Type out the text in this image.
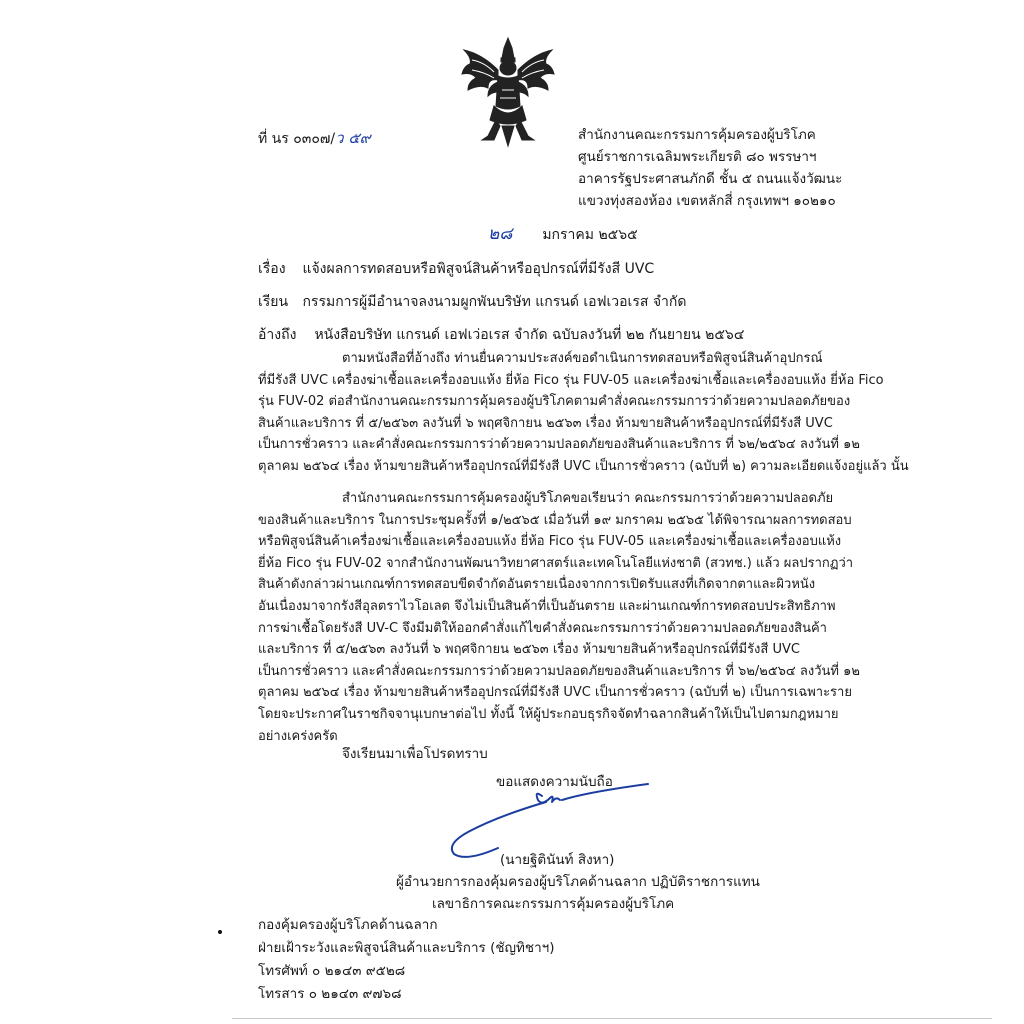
ที่ นร ๐๓๐๗/ว ๕๙	สำนักงานคณะกรรมการคุ้มครองผู้บริโภค
ศูนย์ราชการเฉลิมพระเกียรติ ๘๐ พรรษาฯ
อาคารรัฐประศาสนภักดี ชั้น ๕ ถนนแจ้งวัฒนะ
แขวงทุ่งสองห้อง เขตหลักสี่ กรุงเทพฯ ๑๐๒๑๐
๒๘ มกราคม ๒๕๖๕
เรื่อง แจ้งผลการทดสอบหรือพิสูจน์สินค้าหรืออุปกรณ์ที่มีรังสี UVC
เรียน กรรมการผู้มีอำนาจลงนามผูกพันบริษัท แกรนด์ เอฟเวอเรส จำกัด
อ้างถึง หนังสือบริษัท แกรนด์ เอฟเว่อเรส จำกัด ฉบับลงวันที่ ๒๒ กันยายน ๒๕๖๔
ตามหนังสือที่อ้างถึง ท่านยื่นความประสงค์ขอดำเนินการทดสอบหรือพิสูจน์สินค้าอุปกรณ์
ที่มีรังสี UVC เครื่องฆ่าเชื้อและเครื่องอบแห้ง ยี่ห้อ Fico รุ่น FUV-05 และเครื่องฆ่าเชื้อและเครื่องอบแห้ง ยี่ห้อ Fico
รุ่น FUV-02 ต่อสำนักงานคณะกรรมการคุ้มครองผู้บริโภคตามคำสั่งคณะกรรมการว่าด้วยความปลอดภัยของ
สินค้าและบริการ ที่ ๕/๒๕๖๓ ลงวันที่ ๖ พฤศจิกายน ๒๕๖๓ เรื่อง ห้ามขายสินค้าหรืออุปกรณ์ที่มีรังสี UVC
เป็นการชั่วคราว และคำสั่งคณะกรรมการว่าด้วยความปลอดภัยของสินค้าและบริการ ที่ ๖๒/๒๕๖๔ ลงวันที่ ๑๒
ตุลาคม ๒๕๖๔ เรื่อง ห้ามขายสินค้าหรืออุปกรณ์ที่มีรังสี UVC เป็นการชั่วคราว (ฉบับที่ ๒) ความละเอียดแจ้งอยู่แล้ว นั้น
สำนักงานคณะกรรมการคุ้มครองผู้บริโภคขอเรียนว่า คณะกรรมการว่าด้วยความปลอดภัย
ของสินค้าและบริการ ในการประชุมครั้งที่ ๑/๒๕๖๕ เมื่อวันที่ ๑๙ มกราคม ๒๕๖๕ ได้พิจารณาผลการทดสอบ
หรือพิสูจน์สินค้าเครื่องฆ่าเชื้อและเครื่องอบแห้ง ยี่ห้อ Fico รุ่น FUV-05 และเครื่องฆ่าเชื้อและเครื่องอบแห้ง
ยี่ห้อ Fico รุ่น FUV-02 จากสำนักงานพัฒนาวิทยาศาสตร์และเทคโนโลยีแห่งชาติ (สวทช.) แล้ว ผลปรากฏว่า
สินค้าดังกล่าวผ่านเกณฑ์การทดสอบขีดจำกัดอันตรายเนื่องจากการเปิดรับแสงที่เกิดจากตาและผิวหนัง
อันเนื่องมาจากรังสีอุลตราไวโอเลต จึงไม่เป็นสินค้าที่เป็นอันตราย และผ่านเกณฑ์การทดสอบประสิทธิภาพ
การฆ่าเชื้อโดยรังสี UV-C จึงมีมติให้ออกคำสั่งแก้ไขคำสั่งคณะกรรมการว่าด้วยความปลอดภัยของสินค้า
และบริการ ที่ ๕/๒๕๖๓ ลงวันที่ ๖ พฤศจิกายน ๒๕๖๓ เรื่อง ห้ามขายสินค้าหรืออุปกรณ์ที่มีรังสี UVC
เป็นการชั่วคราว และคำสั่งคณะกรรมการว่าด้วยความปลอดภัยของสินค้าและบริการ ที่ ๖๒/๒๕๖๔ ลงวันที่ ๑๒
ตุลาคม ๒๕๖๔ เรื่อง ห้ามขายสินค้าหรืออุปกรณ์ที่มีรังสี UVC เป็นการชั่วคราว (ฉบับที่ ๒) เป็นการเฉพาะราย
โดยจะประกาศในราชกิจจานุเบกษาต่อไป ทั้งนี้ ให้ผู้ประกอบธุรกิจจัดทำฉลากสินค้าให้เป็นไปตามกฎหมาย
อย่างเคร่งครัด
จึงเรียนมาเพื่อโปรดทราบ
ขอแสดงความนับถือ
(นายฐิตินันท์ สิงหา)
ผู้อำนวยการกองคุ้มครองผู้บริโภคด้านฉลาก ปฏิบัติราชการแทน
เลขาธิการคณะกรรมการคุ้มครองผู้บริโภค
กองคุ้มครองผู้บริโภคด้านฉลาก
ฝ่ายเฝ้าระวังและพิสูจน์สินค้าและบริการ (ชัญทิชาฯ)
โทรศัพท์ ๐ ๒๑๔๓ ๙๕๒๘
โทรสาร ๐ ๒๑๔๓ ๙๗๖๘
